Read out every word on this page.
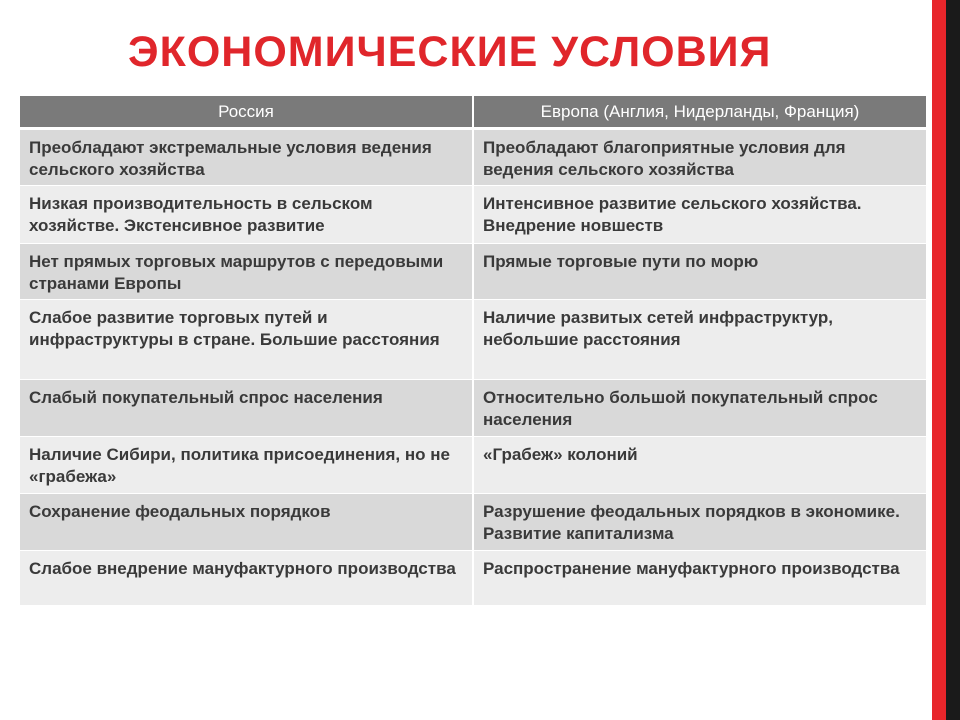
ЭКОНОМИЧЕСКИЕ УСЛОВИЯ
Россия	Европа (Англия, Нидерланды, Франция)
Преобладают экстремальные условия ведения сельского хозяйства	Преобладают благоприятные условия для ведения сельского хозяйства
Низкая производительность в сельском хозяйстве. Экстенсивное развитие	Интенсивное развитие сельского хозяйства. Внедрение новшеств
Нет прямых торговых маршрутов с передовыми странами Европы	Прямые торговые пути по морю
Слабое развитие торговых путей и инфраструктуры в стране. Большие расстояния	Наличие развитых сетей инфраструктур, небольшие расстояния
Слабый покупательный спрос населения	Относительно большой покупательный спрос населения
Наличие Сибири, политика присоединения, но не «грабежа»	«Грабеж» колоний
Сохранение феодальных порядков	Разрушение феодальных порядков в экономике. Развитие капитализма
Слабое внедрение мануфактурного производства	Распространение мануфактурного производства
